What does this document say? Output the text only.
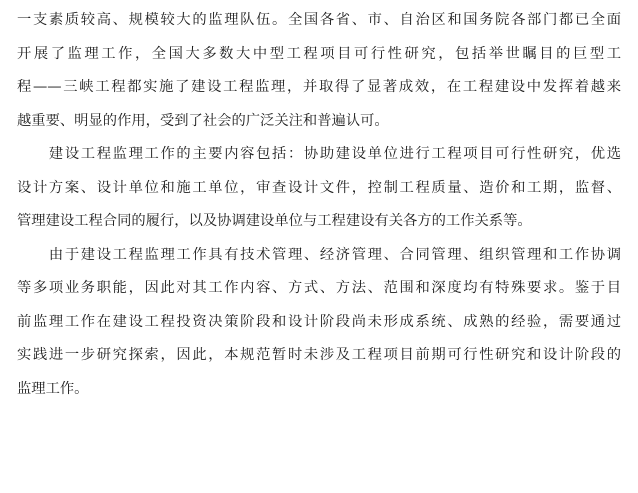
一支素质较高、规模较大的监理队伍。全国各省、市、自治区和国务院各部门都已全面
开展了监理工作，全国大多数大中型工程项目可行性研究，包括举世瞩目的巨型工
程——三峡工程都实施了建设工程监理，并取得了显著成效，在工程建设中发挥着越来
越重要、明显的作用，受到了社会的广泛关注和普遍认可。
　　建设工程监理工作的主要内容包括：协助建设单位进行工程项目可行性研究，优选
设计方案、设计单位和施工单位，审查设计文件，控制工程质量、造价和工期，监督、
管理建设工程合同的履行，以及协调建设单位与工程建设有关各方的工作关系等。
　　由于建设工程监理工作具有技术管理、经济管理、合同管理、组织管理和工作协调
等多项业务职能，因此对其工作内容、方式、方法、范围和深度均有特殊要求。鉴于目
前监理工作在建设工程投资决策阶段和设计阶段尚未形成系统、成熟的经验，需要通过
实践进一步研究探索，因此，本规范暂时未涉及工程项目前期可行性研究和设计阶段的
监理工作。
